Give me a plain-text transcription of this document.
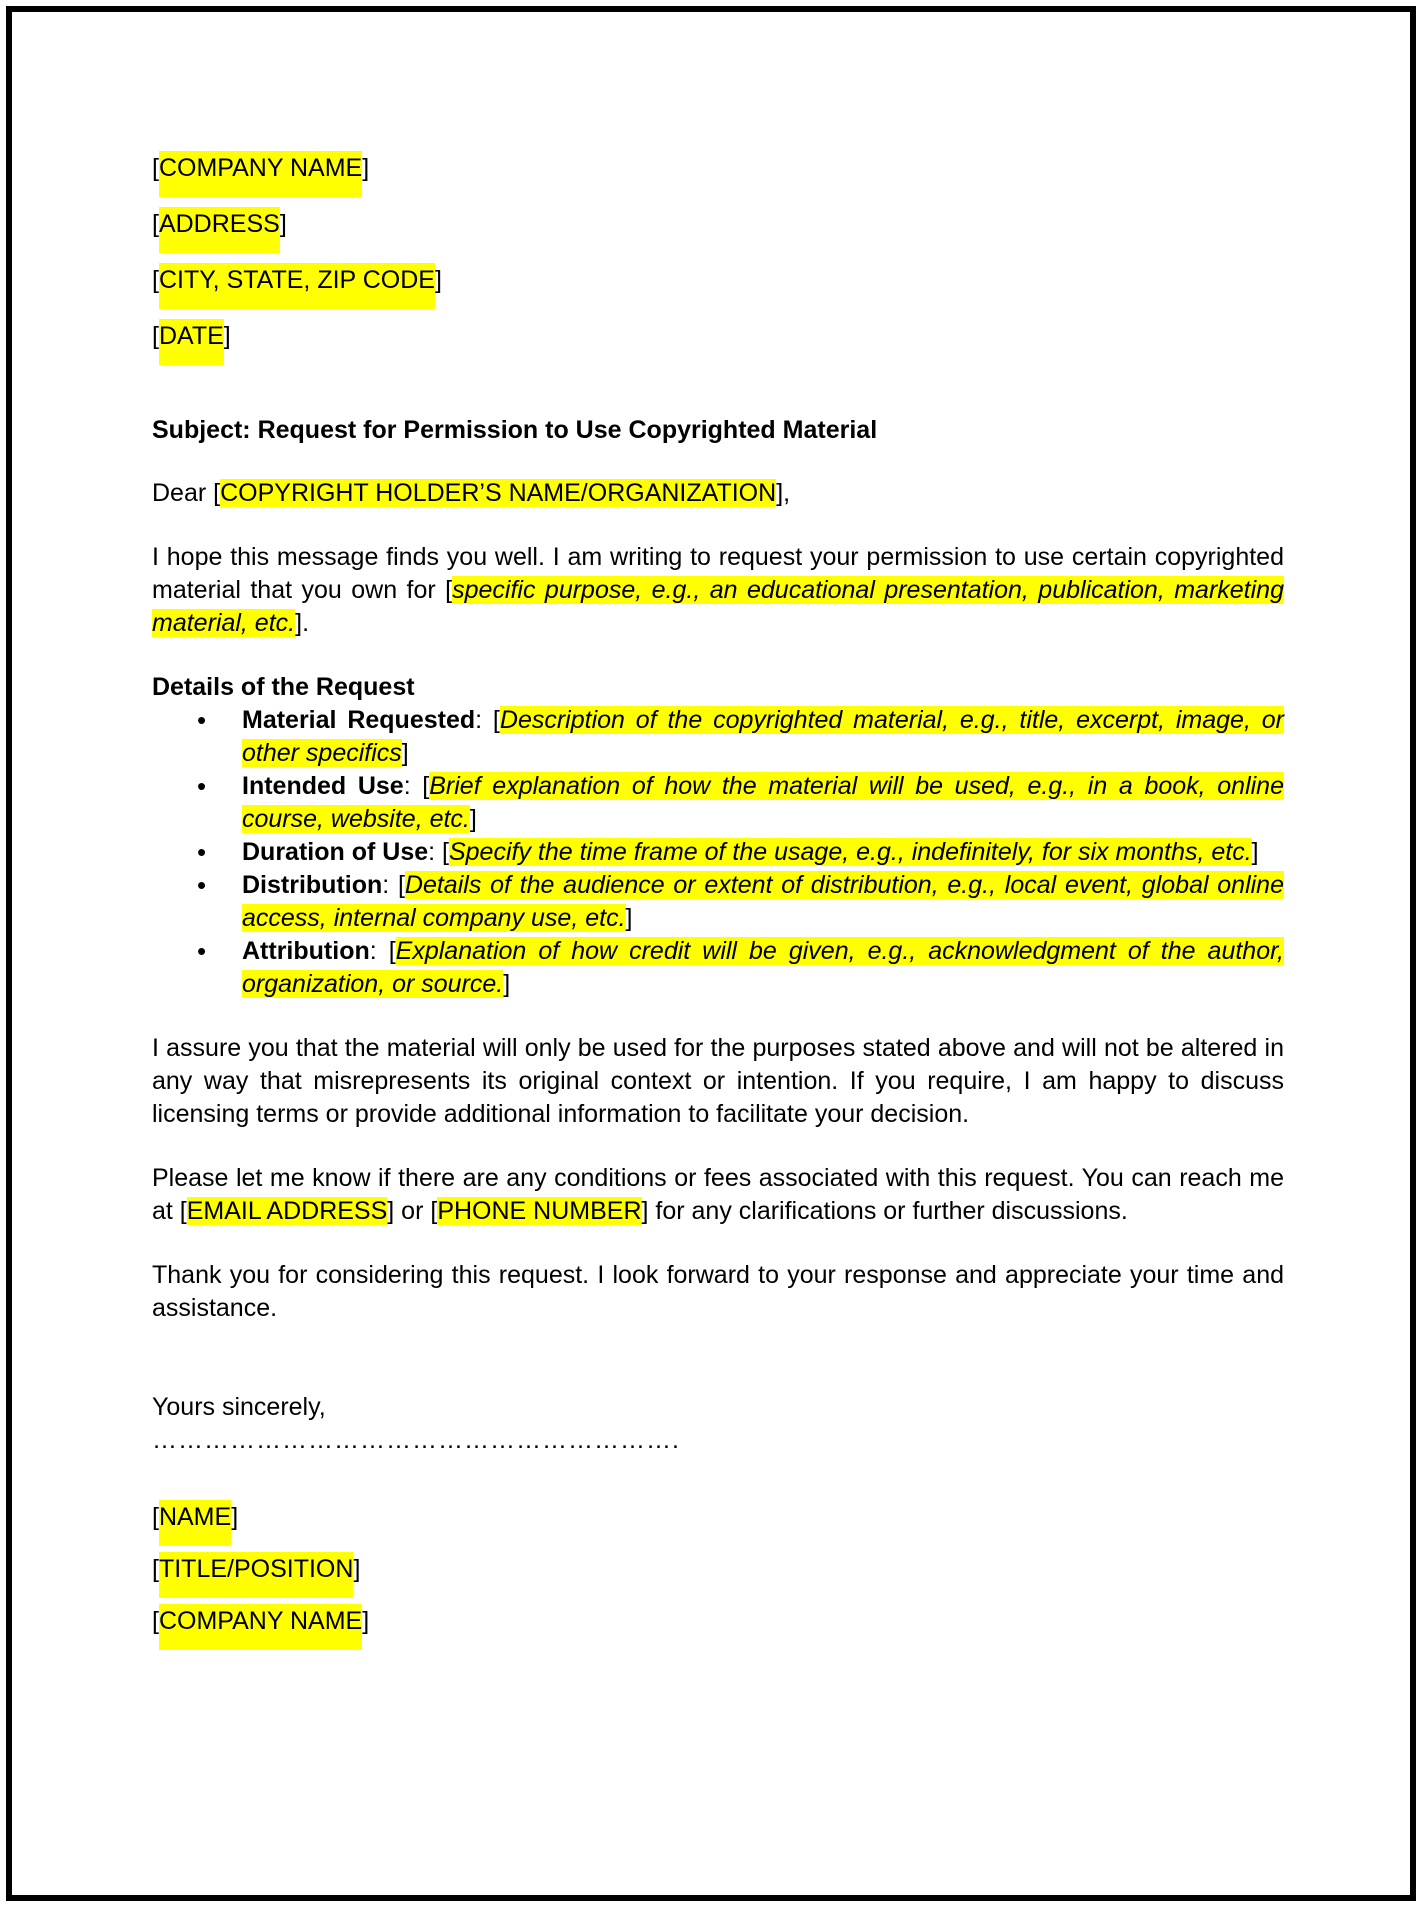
[COMPANY NAME]

[ADDRESS]

[CITY, STATE, ZIP CODE]

[DATE]

Subject: Request for Permission to Use Copyrighted Material

Dear [COPYRIGHT HOLDER’S NAME/ORGANIZATION],

I hope this message finds you well. I am writing to request your permission to use certain copyrighted material that you own for [specific purpose, e.g., an educational presentation, publication, marketing material, etc.].

Details of the Request

• Material Requested: [Description of the copyrighted material, e.g., title, excerpt, image, or other specifics]
• Intended Use: [Brief explanation of how the material will be used, e.g., in a book, online course, website, etc.]
• Duration of Use: [Specify the time frame of the usage, e.g., indefinitely, for six months, etc.]
• Distribution: [Details of the audience or extent of distribution, e.g., local event, global online access, internal company use, etc.]
• Attribution: [Explanation of how credit will be given, e.g., acknowledgment of the author, organization, or source.]

I assure you that the material will only be used for the purposes stated above and will not be altered in any way that misrepresents its original context or intention. If you require, I am happy to discuss licensing terms or provide additional information to facilitate your decision.

Please let me know if there are any conditions or fees associated with this request. You can reach me at [EMAIL ADDRESS] or [PHONE NUMBER] for any clarifications or further discussions.

Thank you for considering this request. I look forward to your response and appreciate your time and assistance.

Yours sincerely,

…………………………………………………….

[NAME]

[TITLE/POSITION]

[COMPANY NAME]
